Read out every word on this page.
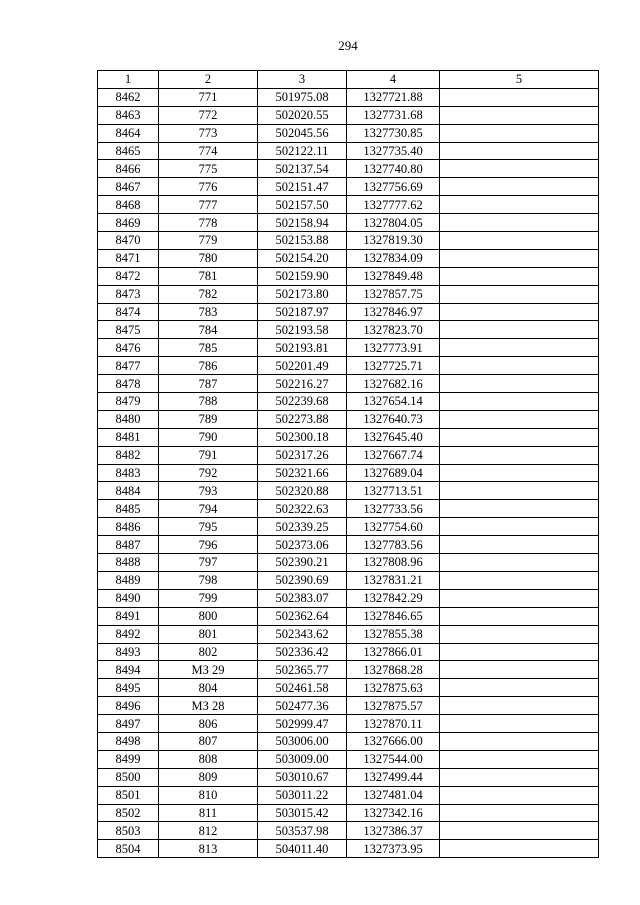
294
1	2	3	4	5
8462	771	501975.08	1327721.88	
8463	772	502020.55	1327731.68	
8464	773	502045.56	1327730.85	
8465	774	502122.11	1327735.40	
8466	775	502137.54	1327740.80	
8467	776	502151.47	1327756.69	
8468	777	502157.50	1327777.62	
8469	778	502158.94	1327804.05	
8470	779	502153.88	1327819.30	
8471	780	502154.20	1327834.09	
8472	781	502159.90	1327849.48	
8473	782	502173.80	1327857.75	
8474	783	502187.97	1327846.97	
8475	784	502193.58	1327823.70	
8476	785	502193.81	1327773.91	
8477	786	502201.49	1327725.71	
8478	787	502216.27	1327682.16	
8479	788	502239.68	1327654.14	
8480	789	502273.88	1327640.73	
8481	790	502300.18	1327645.40	
8482	791	502317.26	1327667.74	
8483	792	502321.66	1327689.04	
8484	793	502320.88	1327713.51	
8485	794	502322.63	1327733.56	
8486	795	502339.25	1327754.60	
8487	796	502373.06	1327783.56	
8488	797	502390.21	1327808.96	
8489	798	502390.69	1327831.21	
8490	799	502383.07	1327842.29	
8491	800	502362.64	1327846.65	
8492	801	502343.62	1327855.38	
8493	802	502336.42	1327866.01	
8494	МЗ 29	502365.77	1327868.28	
8495	804	502461.58	1327875.63	
8496	МЗ 28	502477.36	1327875.57	
8497	806	502999.47	1327870.11	
8498	807	503006.00	1327666.00	
8499	808	503009.00	1327544.00	
8500	809	503010.67	1327499.44	
8501	810	503011.22	1327481.04	
8502	811	503015.42	1327342.16	
8503	812	503537.98	1327386.37	
8504	813	504011.40	1327373.95	
